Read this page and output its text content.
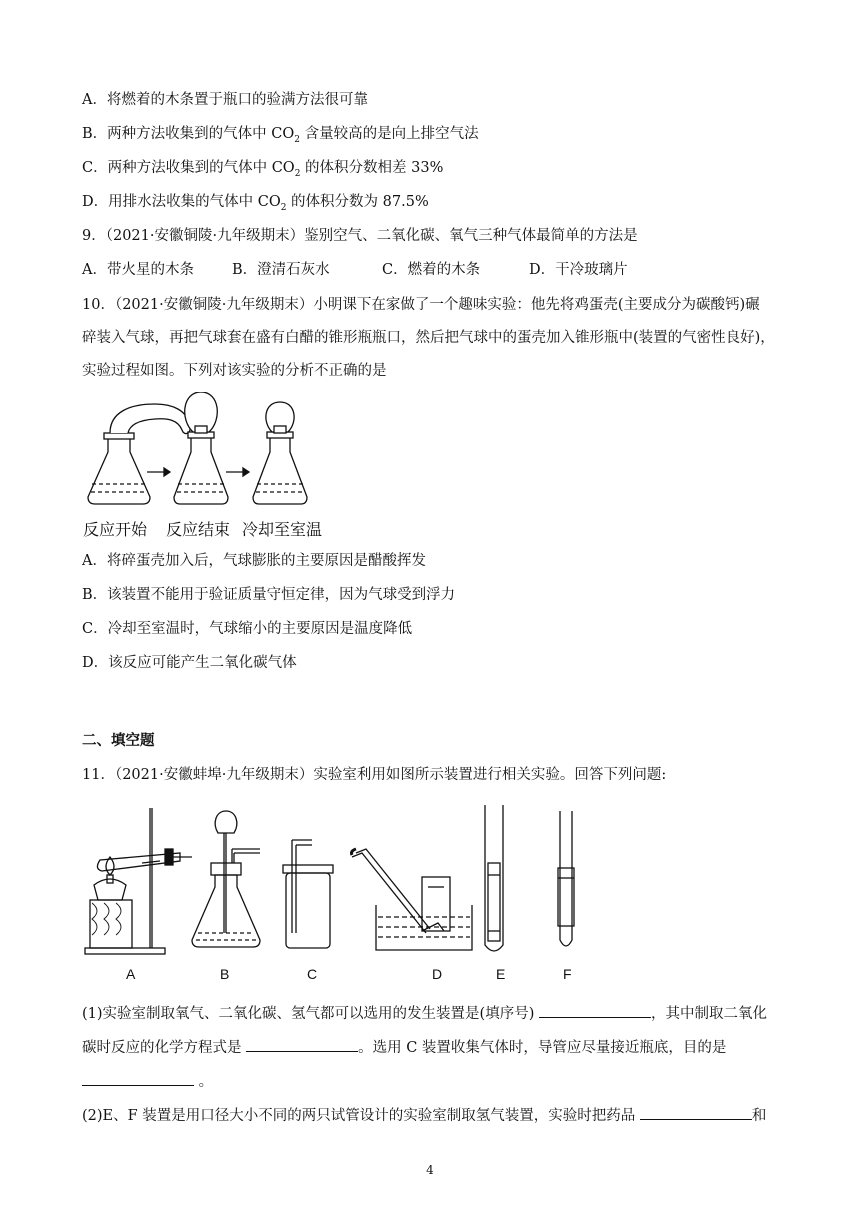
A．将燃着的木条置于瓶口的验满方法很可靠
B．两种方法收集到的气体中 $CO_2$ 含量较高的是向上排空气法
C．两种方法收集到的气体中 $CO_2$ 的体积分数相差 33%
D．用排水法收集的气体中 $CO_2$ 的体积分数为 87.5%
9．（2021·安徽铜陵·九年级期末）鉴别空气、二氧化碳、氧气三种气体最简单的方法是
A．带火星的木条	B．澄清石灰水	C．燃着的木条	D．干冷玻璃片
10．（2021·安徽铜陵·九年级期末）小明课下在家做了一个趣味实验：他先将鸡蛋壳(主要成分为碳酸钙)碾
碎装入气球，再把气球套在盛有白醋的锥形瓶瓶口，然后把气球中的蛋壳加入锥形瓶中(装置的气密性良好)，
实验过程如图。下列对该实验的分析不正确的是
反应开始 反应结束 冷却至室温
A．将碎蛋壳加入后，气球膨胀的主要原因是醋酸挥发
B．该装置不能用于验证质量守恒定律，因为气球受到浮力
C．冷却至室温时，气球缩小的主要原因是温度降低
D．该反应可能产生二氧化碳气体
二、填空题
11．（2021·安徽蚌埠·九年级期末）实验室利用如图所示装置进行相关实验。回答下列问题:
A	B	C	D	E	F
(1)实验室制取氧气、二氧化碳、氢气都可以选用的发生装置是(填序号)	，其中制取二氧化
碳时反应的化学方程式是	。选用 C 装置收集气体时，导管应尽量接近瓶底，目的是
。
(2)E、F 装置是用口径大小不同的两只试管设计的实验室制取氢气装置，实验时把药品	和
4
